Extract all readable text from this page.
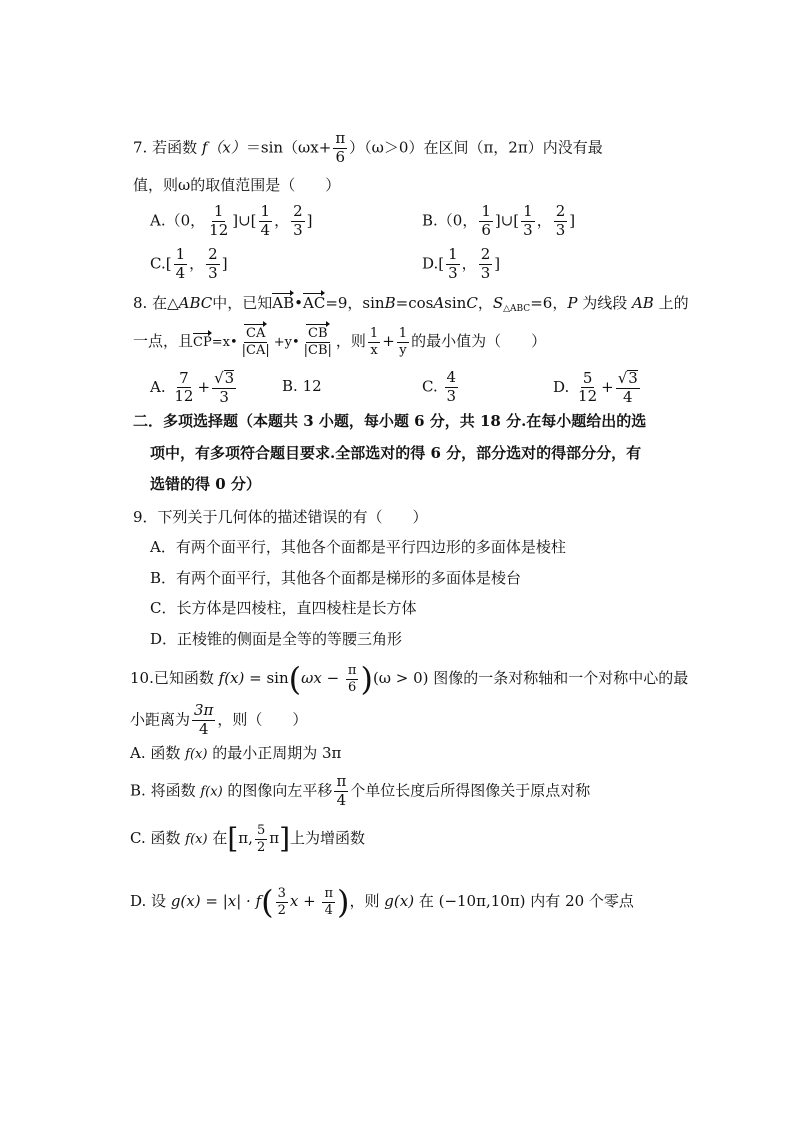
7. 若函数 $f(x)=\sin(\omega x+ \frac{\pi}{6} )(\omega>0)$在区间（π，2π）内没有最
值，则ω的取值范围是（　　）
A.（0， $\frac{1}{12}$ ]∪[ $\frac{1}{4}$ ， $\frac{2}{3}$ ]	B.（0， $\frac{1}{6}$ ]∪[ $\frac{1}{3}$ ， $\frac{2}{3}$ ]
$C.[ \frac{1}{4}$ ， $\frac{2}{3}$ ]	$D.[ \frac{1}{3}$ ， $\frac{2}{3}$ ]
8. 在△ABC中，已知AB•AC=9，sinB=cosAsinC，$S_{\triangle ABC}=6$，P 为线段 AB 上的
一点，且CP=x• $\frac{CA}{|CA|}$ +y• $\frac{CB}{|CB|}$ ，则 $\frac{1}{x} + \frac{1}{y}$ 的最小值为（　　）
A. $\frac{7}{12} + \frac{√3}{3}$	B. 12	C. $\frac{4}{3}$	D. $\frac{5}{12} + \frac{√3}{4}$
二．多项选择题（本题共 3 小题，每小题 6 分，共 18 分.在每小题给出的选
项中，有多项符合题目要求.全部选对的得 6 分，部分选对的得部分分，有
选错的得 0 分）
9．下列关于几何体的描述错误的有（　　）
A．有两个面平行，其他各个面都是平行四边形的多面体是棱柱
B．有两个面平行，其他各个面都是梯形的多面体是棱台
C．长方体是四棱柱，直四棱柱是长方体
D．正棱锥的侧面是全等的等腰三角形
10.已知函数 $f(x) = \sin(\omega x - \frac{\pi}{6} )(\omega > 0)$ 图像的一条对称轴和一个对称中心的最
小距离为 $\frac{3\pi}{4}$ ，则（　　）
A. 函数 f(x) 的最小正周期为 3π
B. 将函数 f(x) 的图像向左平移 $\frac{\pi}{4}$ 个单位长度后所得图像关于原点对称
C. 函数 f(x) 在[π, $\frac{5}{2} \pi$]上为增函数
D. 设 $g(x) = |x| \cdot f( \frac{3}{2}$ $x + \frac{\pi}{4}$ )，则 g(x) 在 (−10π,10π) 内有 20 个零点
